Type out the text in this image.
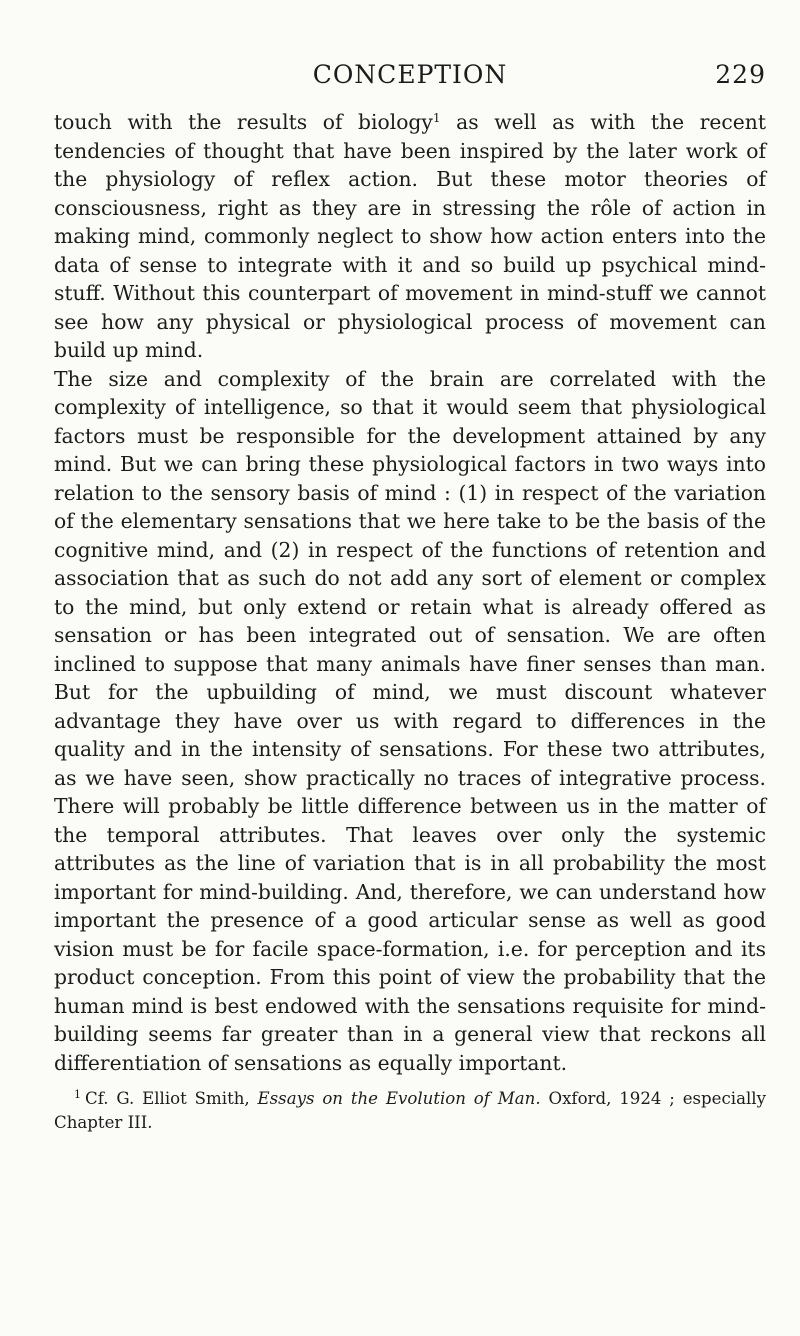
CONCEPTION	229

touch with the results of biology$^1$ as well as with the recent tendencies of thought that have been inspired by the later work of the physiology of reflex action. But these motor theories of consciousness, right as they are in stressing the rôle of action in making mind, commonly neglect to show how action enters into the data of sense to integrate with it and so build up psychical mind-stuff. Without this counterpart of movement in mind-stuff we cannot see how any physical or physiological process of movement can build up mind.

The size and complexity of the brain are correlated with the complexity of intelligence, so that it would seem that physiological factors must be responsible for the development attained by any mind. But we can bring these physiological factors in two ways into relation to the sensory basis of mind : (1) in respect of the variation of the elementary sensations that we here take to be the basis of the cognitive mind, and (2) in respect of the functions of retention and association that as such do not add any sort of element or complex to the mind, but only extend or retain what is already offered as sensation or has been integrated out of sensation. We are often inclined to suppose that many animals have finer senses than man. But for the upbuilding of mind, we must discount whatever advantage they have over us with regard to differences in the quality and in the intensity of sensations. For these two attributes, as we have seen, show practically no traces of integrative process. There will probably be little difference between us in the matter of the temporal attributes. That leaves over only the systemic attributes as the line of variation that is in all probability the most important for mind-building. And, therefore, we can understand how important the presence of a good articular sense as well as good vision must be for facile space-formation, i.e. for perception and its product conception. From this point of view the probability that the human mind is best endowed with the sensations requisite for mind-building seems far greater than in a general view that reckons all differentiation of sensations as equally important.

$^1$ Cf. G. Elliot Smith, Essays on the Evolution of Man. Oxford, 1924 ; especially Chapter III.
